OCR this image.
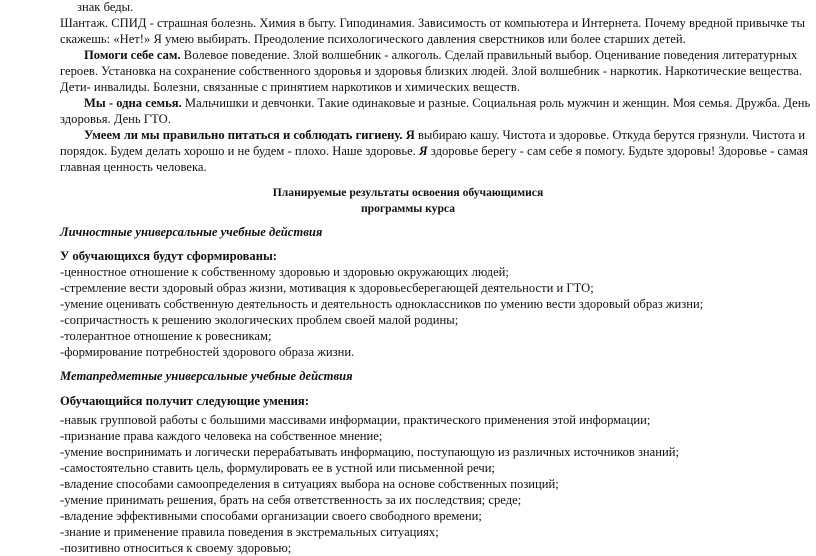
знак беды.
Шантаж. СПИД - страшная болезнь. Химия в быту. Гиподинамия. Зависимость от компьютера и Интернета. Почему вредной привычке ты
скажешь: «Нет!» Я умею выбирать. Преодоление психологического давления сверстников или более старших детей.
Помоги себе сам. Волевое поведение. Злой волшебник - алкоголь. Сделай правильный выбор. Оценивание поведения литературных
героев. Установка на сохранение собственного здоровья и здоровья близких людей. Злой волшебник - наркотик. Наркотические вещества.
Дети- инвалиды. Болезни, связанные с принятием наркотиков и химических веществ.
Мы - одна семья. Мальчишки и девчонки. Такие одинаковые и разные. Социальная роль мужчин и женщин. Моя семья. Дружба. День
здоровья. День ГТО.
Умеем ли мы правильно питаться и соблюдать гигиену. Я выбираю кашу. Чистота и здоровье. Откуда берутся грязнули. Чистота и
порядок. Будем делать хорошо и не будем - плохо. Наше здоровье. Я здоровье берегу - сам себе я помогу. Будьте здоровы! Здоровье - самая
главная ценность человека.
Планируемые результаты освоения обучающимися
программы курса
Личностные универсальные учебные действия
У обучающихся будут сформированы:
-ценностное отношение к собственному здоровью и здоровью окружающих людей;
-стремление вести здоровый образ жизни, мотивация к здоровьесберегающей деятельности и ГТО;
-умение оценивать собственную деятельность и деятельность одноклассников по умению вести здоровый образ жизни;
-сопричастность к решению экологических проблем своей малой родины;
-толерантное отношение к ровесникам;
-формирование потребностей здорового образа жизни.
Метапредметные универсальные учебные действия
Обучающийся получит следующие умения:
-навык групповой работы с большими массивами информации, практического применения этой информации;
-признание права каждого человека на собственное мнение;
-умение воспринимать и логически перерабатывать информацию, поступающую из различных источников знаний;
-самостоятельно ставить цель, формулировать ее в устной или письменной речи;
-владение способами самоопределения в ситуациях выбора на основе собственных позиций;
-умение принимать решения, брать на себя ответственность за их последствия; среде;
-владение эффективными способами организации своего свободного времени;
-знание и применение правила поведения в экстремальных ситуациях;
-позитивно относиться к своему здоровью;
